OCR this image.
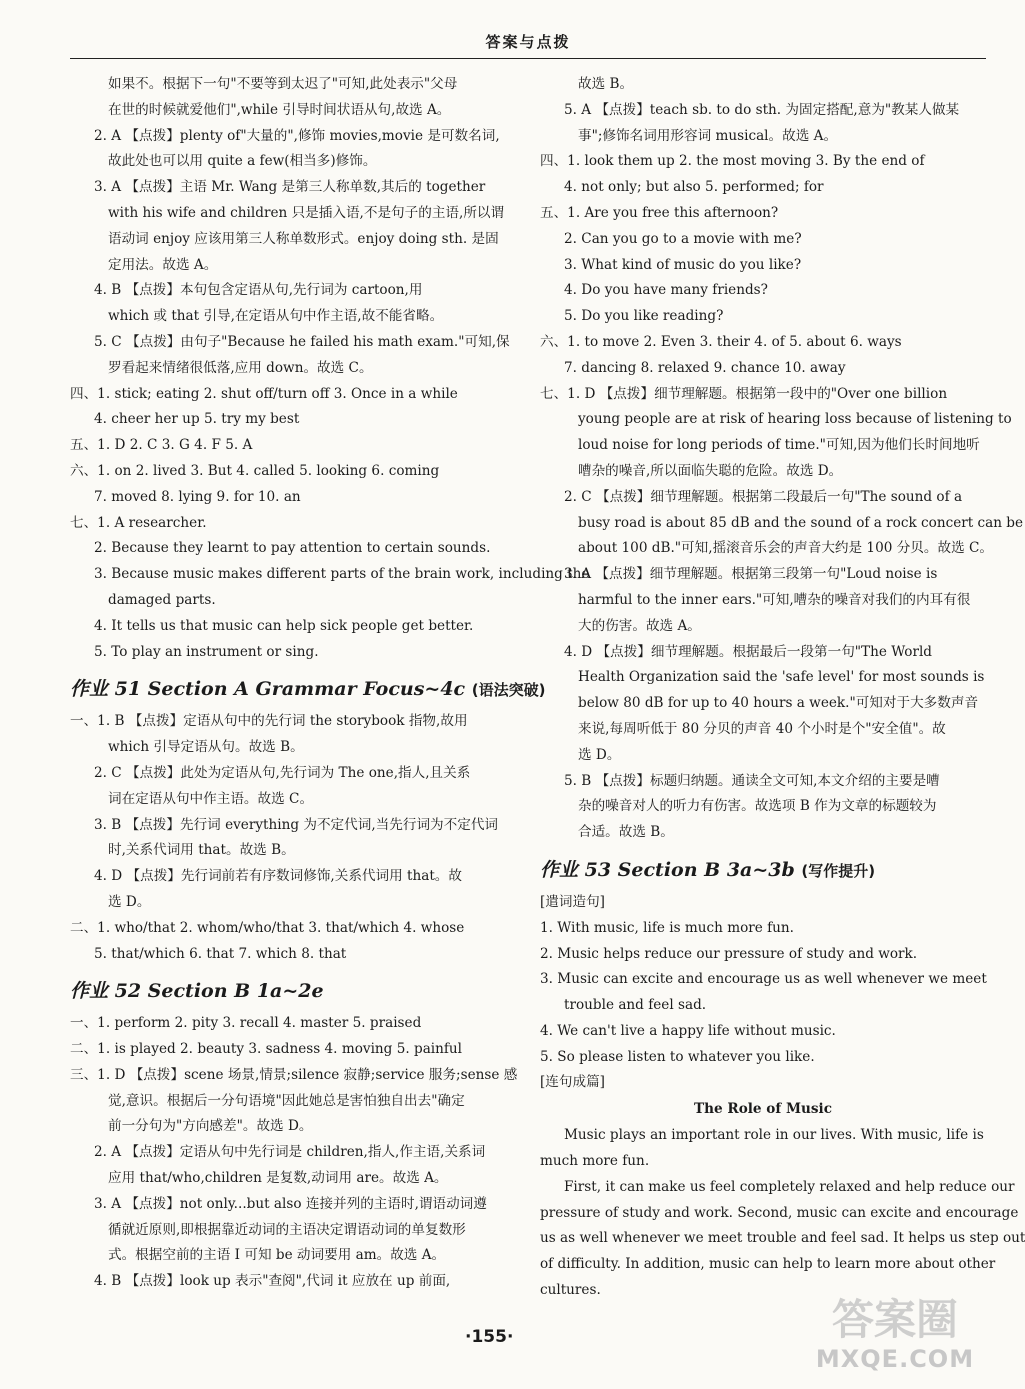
答案与点拨
如果不。根据下一句"不要等到太迟了"可知,此处表示"父母
在世的时候就爱他们",while 引导时间状语从句,故选 A。
2. A 【点拨】plenty of"大量的",修饰 movies,movie 是可数名词,
故此处也可以用 quite a few(相当多)修饰。
3. A 【点拨】主语 Mr. Wang 是第三人称单数,其后的 together
with his wife and children 只是插入语,不是句子的主语,所以谓
语动词 enjoy 应该用第三人称单数形式。enjoy doing sth. 是固
定用法。故选 A。
4. B 【点拨】本句包含定语从句,先行词为 cartoon,用
which 或 that 引导,在定语从句中作主语,故不能省略。
5. C 【点拨】由句子"Because he failed his math exam."可知,保
罗看起来情绪很低落,应用 down。故选 C。
四、1. stick; eating 2. shut off/turn off 3. Once in a while
4. cheer her up 5. try my best
五、1. D 2. C 3. G 4. F 5. A
六、1. on 2. lived 3. But 4. called 5. looking 6. coming
7. moved 8. lying 9. for 10. an
七、1. A researcher.
2. Because they learnt to pay attention to certain sounds.
3. Because music makes different parts of the brain work, including the
damaged parts.
4. It tells us that music can help sick people get better.
5. To play an instrument or sing.
作业 51 Section A Grammar Focus~4c (语法突破)
一、1. B 【点拨】定语从句中的先行词 the storybook 指物,故用
which 引导定语从句。故选 B。
2. C 【点拨】此处为定语从句,先行词为 The one,指人,且关系
词在定语从句中作主语。故选 C。
3. B 【点拨】先行词 everything 为不定代词,当先行词为不定代词
时,关系代词用 that。故选 B。
4. D 【点拨】先行词前若有序数词修饰,关系代词用 that。故
选 D。
二、1. who/that 2. whom/who/that 3. that/which 4. whose
5. that/which 6. that 7. which 8. that
作业 52 Section B 1a~2e
一、1. perform 2. pity 3. recall 4. master 5. praised
二、1. is played 2. beauty 3. sadness 4. moving 5. painful
三、1. D 【点拨】scene 场景,情景;silence 寂静;service 服务;sense 感
觉,意识。根据后一分句语境"因此她总是害怕独自出去"确定
前一分句为"方向感差"。故选 D。
2. A 【点拨】定语从句中先行词是 children,指人,作主语,关系词
应用 that/who,children 是复数,动词用 are。故选 A。
3. A 【点拨】not only...but also 连接并列的主语时,谓语动词遵
循就近原则,即根据靠近动词的主语决定谓语动词的单复数形
式。根据空前的主语 I 可知 be 动词要用 am。故选 A。
4. B 【点拨】look up 表示"查阅",代词 it 应放在 up 前面,
故选 B。
5. A 【点拨】teach sb. to do sth. 为固定搭配,意为"教某人做某
事";修饰名词用形容词 musical。故选 A。
四、1. look them up 2. the most moving 3. By the end of
4. not only; but also 5. performed; for
五、1. Are you free this afternoon?
2. Can you go to a movie with me?
3. What kind of music do you like?
4. Do you have many friends?
5. Do you like reading?
六、1. to move 2. Even 3. their 4. of 5. about 6. ways
7. dancing 8. relaxed 9. chance 10. away
七、1. D 【点拨】细节理解题。根据第一段中的"Over one billion
young people are at risk of hearing loss because of listening to
loud noise for long periods of time."可知,因为他们长时间地听
嘈杂的噪音,所以面临失聪的危险。故选 D。
2. C 【点拨】细节理解题。根据第二段最后一句"The sound of a
busy road is about 85 dB and the sound of a rock concert can be
about 100 dB."可知,摇滚音乐会的声音大约是 100 分贝。故选 C。
3. A 【点拨】细节理解题。根据第三段第一句"Loud noise is
harmful to the inner ears."可知,嘈杂的噪音对我们的内耳有很
大的伤害。故选 A。
4. D 【点拨】细节理解题。根据最后一段第一句"The World
Health Organization said the 'safe level' for most sounds is
below 80 dB for up to 40 hours a week."可知对于大多数声音
来说,每周听低于 80 分贝的声音 40 个小时是个"安全值"。故
选 D。
5. B 【点拨】标题归纳题。通读全文可知,本文介绍的主要是嘈
杂的噪音对人的听力有伤害。故选项 B 作为文章的标题较为
合适。故选 B。
作业 53 Section B 3a~3b (写作提升)
[遣词造句]
1. With music, life is much more fun.
2. Music helps reduce our pressure of study and work.
3. Music can excite and encourage us as well whenever we meet
trouble and feel sad.
4. We can't live a happy life without music.
5. So please listen to whatever you like.
[连句成篇]
The Role of Music
Music plays an important role in our lives. With music, life is
much more fun.
First, it can make us feel completely relaxed and help reduce our
pressure of study and work. Second, music can excite and encourage
us as well whenever we meet trouble and feel sad. It helps us step out
of difficulty. In addition, music can help to learn more about other
cultures.
·155·	答案圈
MXQE.COM
